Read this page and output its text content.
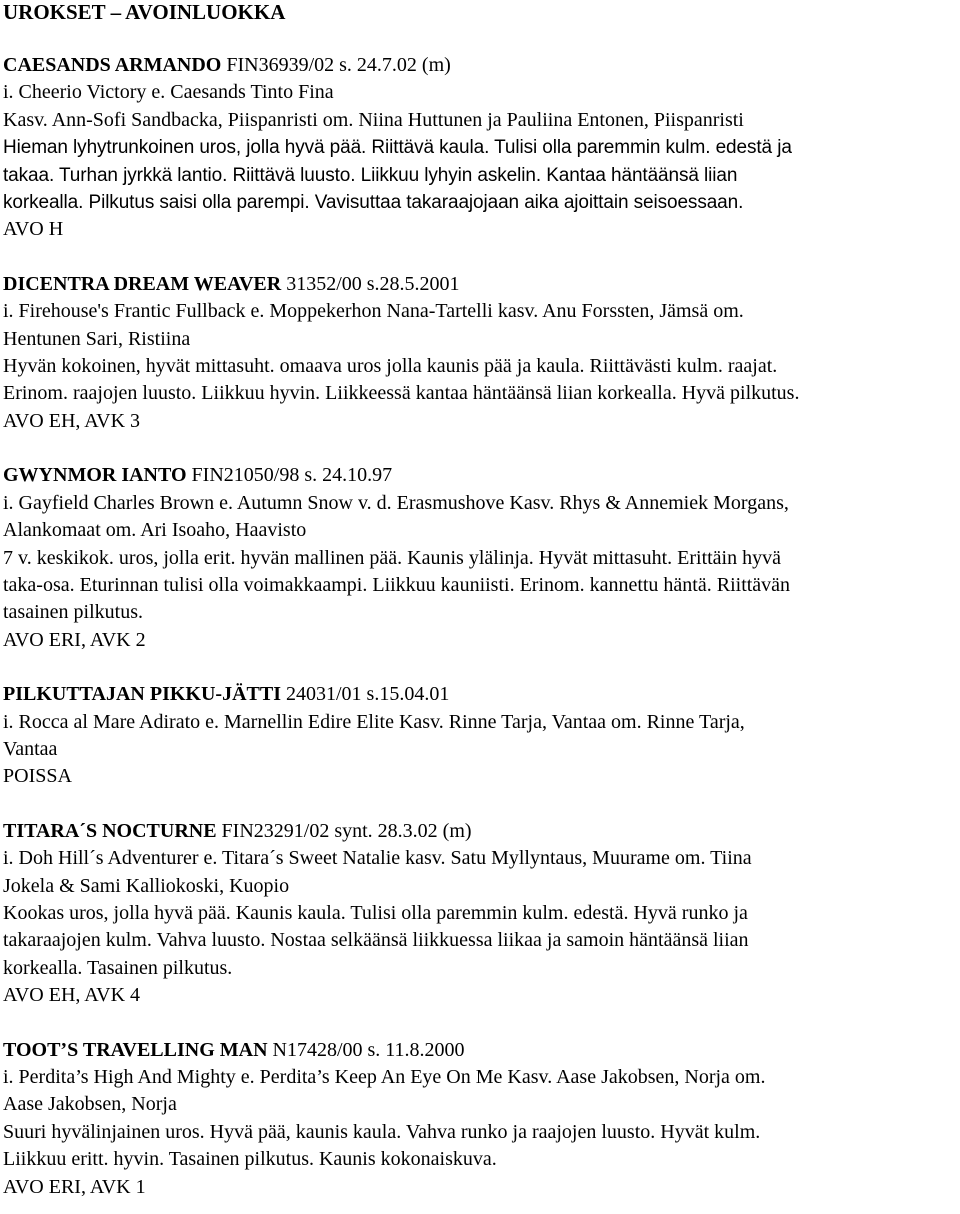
UROKSET – AVOINLUOKKA
CAESANDS ARMANDO FIN36939/02 s. 24.7.02 (m)
i. Cheerio Victory e. Caesands Tinto Fina
Kasv. Ann-Sofi Sandbacka, Piispanristi om. Niina Huttunen ja Pauliina Entonen, Piispanristi
Hieman lyhytrunkoinen uros, jolla hyvä pää. Riittävä kaula. Tulisi olla paremmin kulm. edestä ja
takaa. Turhan jyrkkä lantio. Riittävä luusto. Liikkuu lyhyin askelin. Kantaa häntäänsä liian
korkealla. Pilkutus saisi olla parempi. Vavisuttaa takaraajojaan aika ajoittain seisoessaan.
AVO H
DICENTRA DREAM WEAVER 31352/00 s.28.5.2001
i. Firehouse's Frantic Fullback e. Moppekerhon Nana-Tartelli kasv. Anu Forssten, Jämsä om.
Hentunen Sari, Ristiina
Hyvän kokoinen, hyvät mittasuht. omaava uros jolla kaunis pää ja kaula. Riittävästi kulm. raajat.
Erinom. raajojen luusto. Liikkuu hyvin. Liikkeessä kantaa häntäänsä liian korkealla. Hyvä pilkutus.
AVO EH, AVK 3
GWYNMOR IANTO FIN21050/98 s. 24.10.97
i. Gayfield Charles Brown e. Autumn Snow v. d. Erasmushove Kasv. Rhys & Annemiek Morgans,
Alankomaat om. Ari Isoaho, Haavisto
7 v. keskikok. uros, jolla erit. hyvän mallinen pää. Kaunis ylälinja. Hyvät mittasuht. Erittäin hyvä
taka-osa. Eturinnan tulisi olla voimakkaampi. Liikkuu kauniisti. Erinom. kannettu häntä. Riittävän
tasainen pilkutus.
AVO ERI, AVK 2
PILKUTTAJAN PIKKU-JÄTTI 24031/01 s.15.04.01
i. Rocca al Mare Adirato e. Marnellin Edire Elite Kasv. Rinne Tarja, Vantaa om. Rinne Tarja,
Vantaa
POISSA
TITARA´S NOCTURNE FIN23291/02 synt. 28.3.02 (m)
i. Doh Hill´s Adventurer e. Titara´s Sweet Natalie kasv. Satu Myllyntaus, Muurame om. Tiina
Jokela & Sami Kalliokoski, Kuopio
Kookas uros, jolla hyvä pää. Kaunis kaula. Tulisi olla paremmin kulm. edestä. Hyvä runko ja
takaraajojen kulm. Vahva luusto. Nostaa selkäänsä liikkuessa liikaa ja samoin häntäänsä liian
korkealla. Tasainen pilkutus.
AVO EH, AVK 4
TOOT’S TRAVELLING MAN N17428/00 s. 11.8.2000
i. Perdita’s High And Mighty e. Perdita’s Keep An Eye On Me Kasv. Aase Jakobsen, Norja om.
Aase Jakobsen, Norja
Suuri hyvälinjainen uros. Hyvä pää, kaunis kaula. Vahva runko ja raajojen luusto. Hyvät kulm.
Liikkuu eritt. hyvin. Tasainen pilkutus. Kaunis kokonaiskuva.
AVO ERI, AVK 1
